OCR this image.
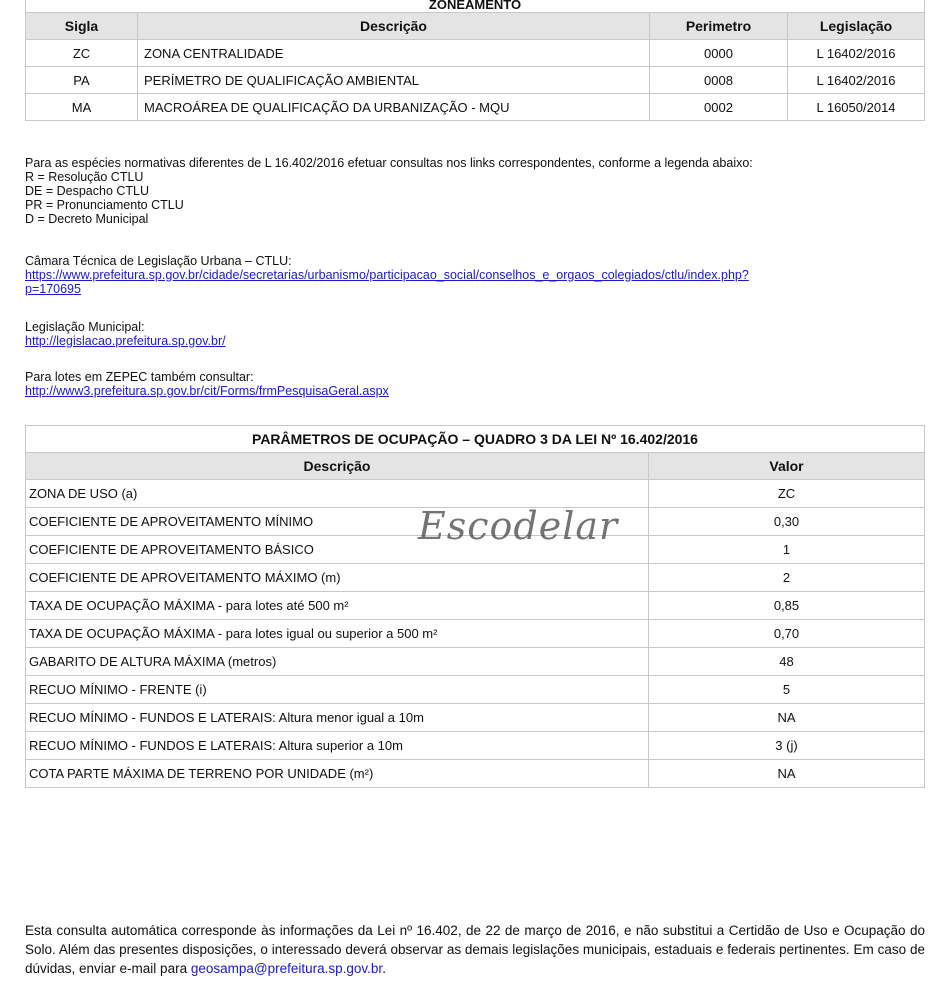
ZONEAMENTO			
Sigla	Descrição	Perimetro	Legislação
ZC	ZONA CENTRALIDADE	0000	L 16402/2016
PA	PERÍMETRO DE QUALIFICAÇÃO AMBIENTAL	0008	L 16402/2016
MA	MACROÁREA DE QUALIFICAÇÃO DA URBANIZAÇÃO - MQU	0002	L 16050/2014
Para as espécies normativas diferentes de L 16.402/2016 efetuar consultas nos links correspondentes, conforme a legenda abaixo:
R = Resolução CTLU
DE = Despacho CTLU
PR = Pronunciamento CTLU
D = Decreto Municipal
Câmara Técnica de Legislação Urbana – CTLU:
https://www.prefeitura.sp.gov.br/cidade/secretarias/urbanismo/participacao_social/conselhos_e_orgaos_colegiados/ctlu/index.php?
p=170695
Legislação Municipal:
http://legislacao.prefeitura.sp.gov.br/
Para lotes em ZEPEC também consultar:
http://www3.prefeitura.sp.gov.br/cit/Forms/frmPesquisaGeral.aspx
PARÂMETROS DE OCUPAÇÃO – QUADRO 3 DA LEI Nº 16.402/2016	
Descrição	Valor
ZONA DE USO (a)	ZC
COEFICIENTE DE APROVEITAMENTO MÍNIMO	0,30
COEFICIENTE DE APROVEITAMENTO BÁSICO	1
COEFICIENTE DE APROVEITAMENTO MÁXIMO (m)	2
TAXA DE OCUPAÇÃO MÁXIMA - para lotes até 500 m²	0,85
TAXA DE OCUPAÇÃO MÁXIMA - para lotes igual ou superior a 500 m²	0,70
GABARITO DE ALTURA MÁXIMA (metros)	48
RECUO MÍNIMO - FRENTE (i)	5
RECUO MÍNIMO - FUNDOS E LATERAIS: Altura menor igual a 10m	NA
RECUO MÍNIMO - FUNDOS E LATERAIS: Altura superior a 10m	3 (j)
COTA PARTE MÁXIMA DE TERRENO POR UNIDADE (m²)	NA
Escodelar
Esta consulta automática corresponde às informações da Lei nº 16.402, de 22 de março de 2016, e não substitui a Certidão de Uso e Ocupação do Solo. Além das presentes disposições, o interessado deverá observar as demais legislações municipais, estaduais e federais pertinentes. Em caso de dúvidas, enviar e-mail para geosampa@prefeitura.sp.gov.br.
